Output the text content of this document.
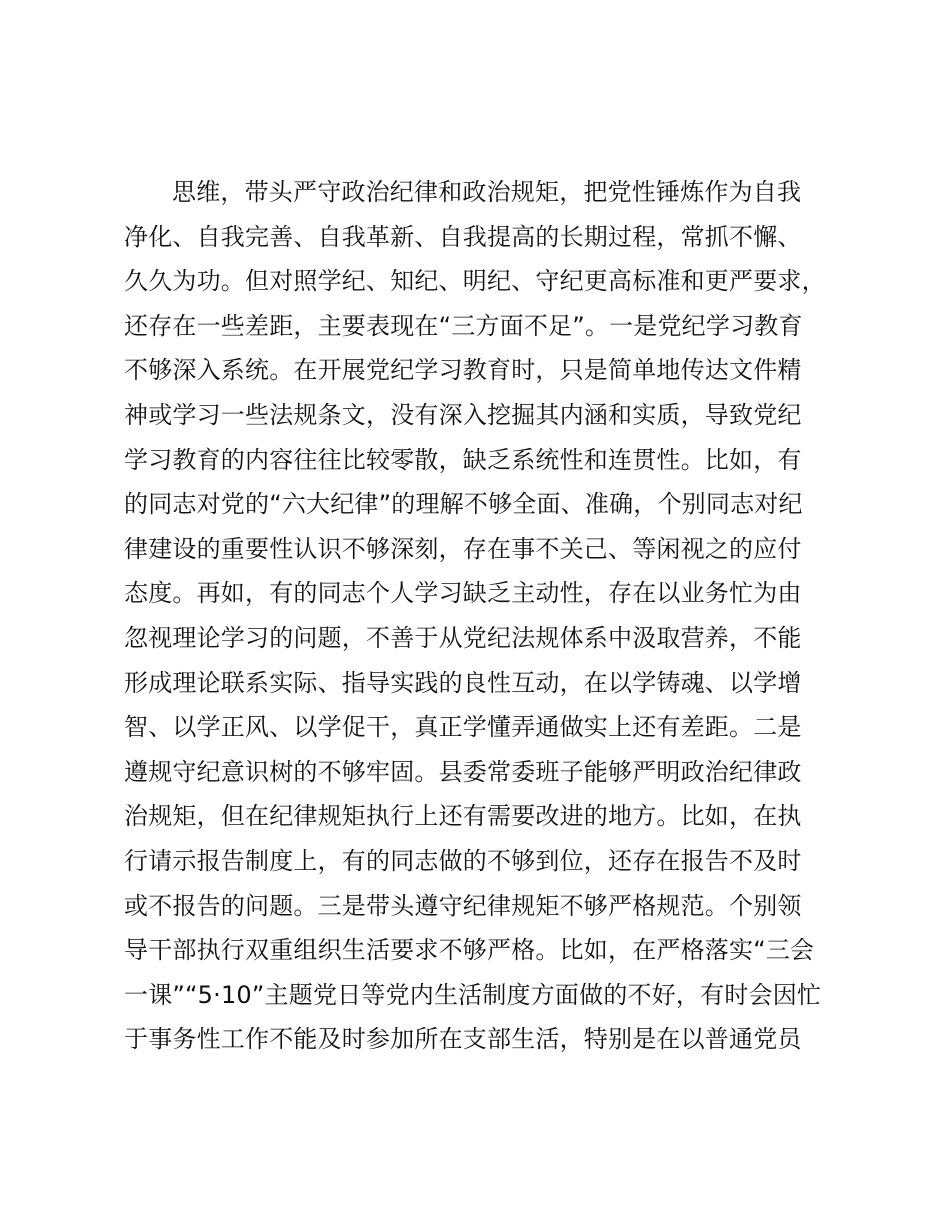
思维，带头严守政治纪律和政治规矩，把党性锤炼作为自我
净化、自我完善、自我革新、自我提高的长期过程，常抓不懈、
久久为功。但对照学纪、知纪、明纪、守纪更高标准和更严要求，
还存在一些差距，主要表现在“三方面不足”。一是党纪学习教育
不够深入系统。在开展党纪学习教育时，只是简单地传达文件精
神或学习一些法规条文，没有深入挖掘其内涵和实质，导致党纪
学习教育的内容往往比较零散，缺乏系统性和连贯性。比如，有
的同志对党的“六大纪律”的理解不够全面、准确，个别同志对纪
律建设的重要性认识不够深刻，存在事不关己、等闲视之的应付
态度。再如，有的同志个人学习缺乏主动性，存在以业务忙为由
忽视理论学习的问题，不善于从党纪法规体系中汲取营养，不能
形成理论联系实际、指导实践的良性互动，在以学铸魂、以学增
智、以学正风、以学促干，真正学懂弄通做实上还有差距。二是
遵规守纪意识树的不够牢固。县委常委班子能够严明政治纪律政
治规矩，但在纪律规矩执行上还有需要改进的地方。比如，在执
行请示报告制度上，有的同志做的不够到位，还存在报告不及时
或不报告的问题。三是带头遵守纪律规矩不够严格规范。个别领
导干部执行双重组织生活要求不够严格。比如，在严格落实“三会
一课”“5·10”主题党日等党内生活制度方面做的不好，有时会因忙
于事务性工作不能及时参加所在支部生活，特别是在以普通党员
